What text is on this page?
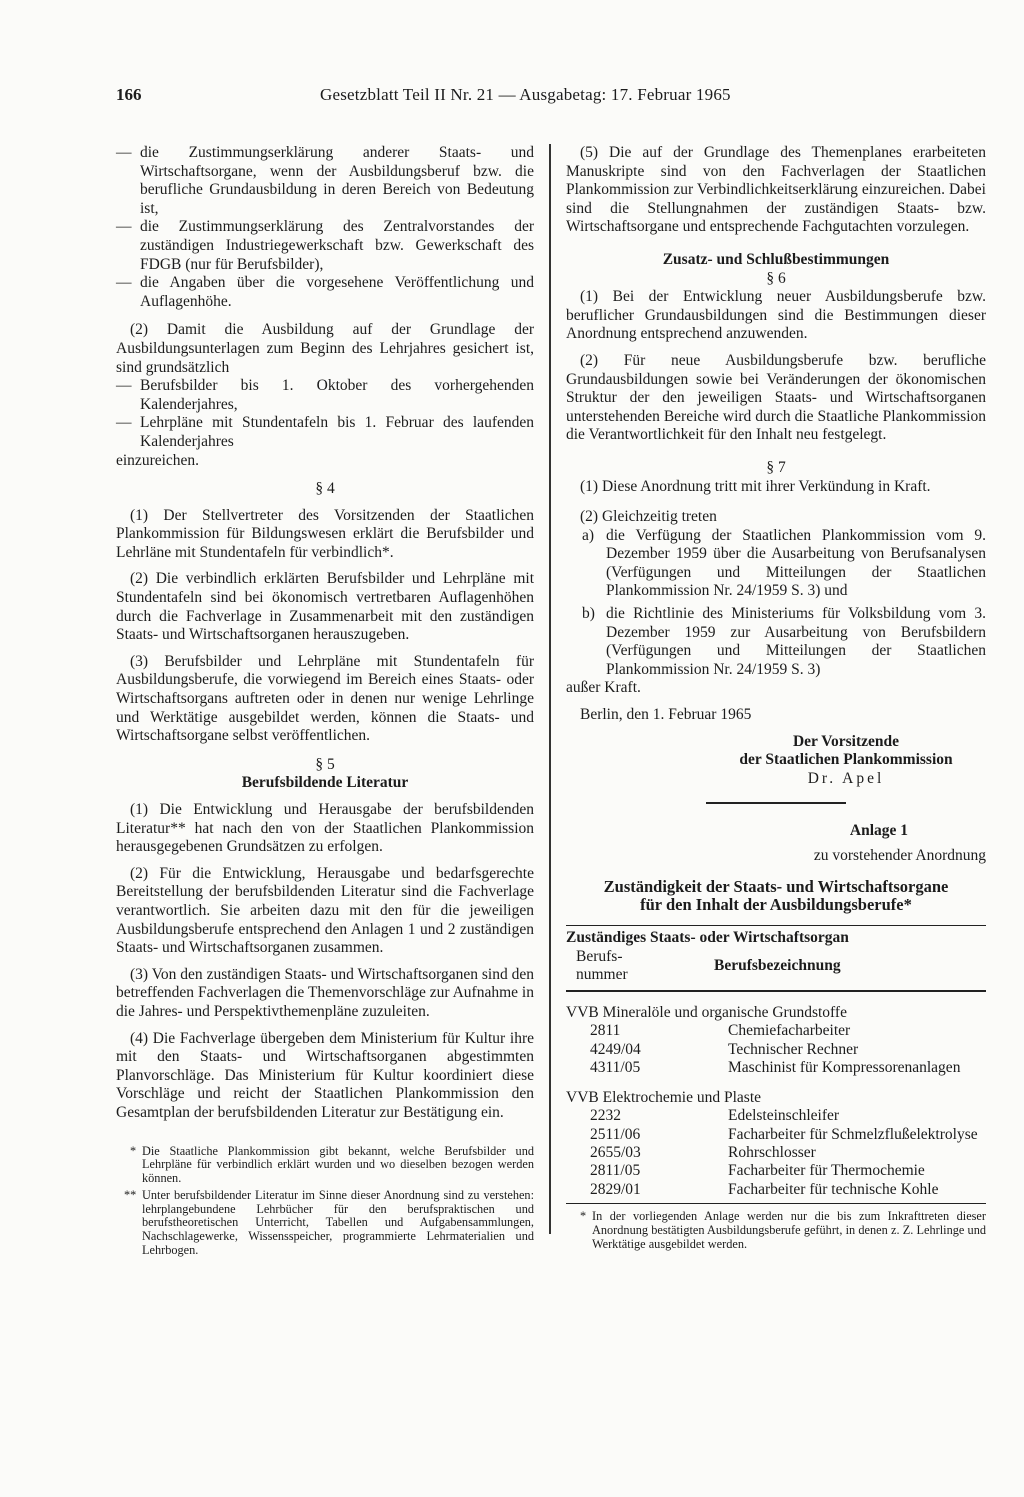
166	Gesetzblatt Teil II Nr. 21 — Ausgabetag: 17. Februar 1965
— die Zustimmungserklärung anderer Staats- und Wirtschaftsorgane, wenn der Ausbildungsberuf bzw. die berufliche Grundausbildung in deren Bereich von Bedeutung ist,
— die Zustimmungserklärung des Zentralvorstandes der zuständigen Industriegewerkschaft bzw. Gewerkschaft des FDGB (nur für Berufsbilder),
— die Angaben über die vorgesehene Veröffentlichung und Auflagenhöhe.

(2) Damit die Ausbildung auf der Grundlage der Ausbildungsunterlagen zum Beginn des Lehrjahres gesichert ist, sind grundsätzlich

— Berufsbilder bis 1. Oktober des vorhergehenden Kalenderjahres,
— Lehrpläne mit Stundentafeln bis 1. Februar des laufenden Kalenderjahres

einzureichen.

§ 4

(1) Der Stellvertreter des Vorsitzenden der Staatlichen Plankommission für Bildungswesen erklärt die Berufsbilder und Lehrläne mit Stundentafeln für verbindlich*.

(2) Die verbindlich erklärten Berufsbilder und Lehrpläne mit Stundentafeln sind bei ökonomisch vertretbaren Auflagenhöhen durch die Fachverlage in Zusammenarbeit mit den zuständigen Staats- und Wirtschaftsorganen herauszugeben.

(3) Berufsbilder und Lehrpläne mit Stundentafeln für Ausbildungsberufe, die vorwiegend im Bereich eines Staats- oder Wirtschaftsorgans auftreten oder in denen nur wenige Lehrlinge und Werktätige ausgebildet werden, können die Staats- und Wirtschaftsorgane selbst veröffentlichen.

§ 5

Berufsbildende Literatur

(1) Die Entwicklung und Herausgabe der berufsbildenden Literatur** hat nach den von der Staatlichen Plankommission herausgegebenen Grundsätzen zu erfolgen.

(2) Für die Entwicklung, Herausgabe und bedarfsgerechte Bereitstellung der berufsbildenden Literatur sind die Fachverlage verantwortlich. Sie arbeiten dazu mit den für die jeweiligen Ausbildungsberufe entsprechend den Anlagen 1 und 2 zuständigen Staats- und Wirtschaftsorganen zusammen.

(3) Von den zuständigen Staats- und Wirtschaftsorganen sind den betreffenden Fachverlagen die Themenvorschläge zur Aufnahme in die Jahres- und Perspektivthemenpläne zuzuleiten.

(4) Die Fachverlage übergeben dem Ministerium für Kultur ihre mit den Staats- und Wirtschaftsorganen abgestimmten Planvorschläge. Das Ministerium für Kultur koordiniert diese Vorschläge und reicht der Staatlichen Plankommission den Gesamtplan der berufsbildenden Literatur zur Bestätigung ein.

* Die Staatliche Plankommission gibt bekannt, welche Berufsbilder und Lehrpläne für verbindlich erklärt wurden und wo dieselben bezogen werden können.
** Unter berufsbildender Literatur im Sinne dieser Anordnung sind zu verstehen: lehrplangebundene Lehrbücher für den berufspraktischen und berufstheoretischen Unterricht, Tabellen und Aufgabensammlungen, Nachschlagewerke, Wissensspeicher, programmierte Lehrmaterialien und Lehrbogen.

(5) Die auf der Grundlage des Themenplanes erarbeiteten Manuskripte sind von den Fachverlagen der Staatlichen Plankommission zur Verbindlichkeitserklärung einzureichen. Dabei sind die Stellungnahmen der zuständigen Staats- bzw. Wirtschaftsorgane und entsprechende Fachgutachten vorzulegen.

Zusatz- und Schlußbestimmungen

§ 6

(1) Bei der Entwicklung neuer Ausbildungsberufe bzw. beruflicher Grundausbildungen sind die Bestimmungen dieser Anordnung entsprechend anzuwenden.

(2) Für neue Ausbildungsberufe bzw. berufliche Grundausbildungen sowie bei Veränderungen der ökonomischen Struktur der den jeweiligen Staats- und Wirtschaftsorganen unterstehenden Bereiche wird durch die Staatliche Plankommission die Verantwortlichkeit für den Inhalt neu festgelegt.

§ 7

(1) Diese Anordnung tritt mit ihrer Verkündung in Kraft.

(2) Gleichzeitig treten

a) die Verfügung der Staatlichen Plankommission vom 9. Dezember 1959 über die Ausarbeitung von Berufsanalysen (Verfügungen und Mitteilungen der Staatlichen Plankommission Nr. 24/1959 S. 3) und
b) die Richtlinie des Ministeriums für Volksbildung vom 3. Dezember 1959 zur Ausarbeitung von Berufsbildern (Verfügungen und Mitteilungen der Staatlichen Plankommission Nr. 24/1959 S. 3)

außer Kraft.

Berlin, den 1. Februar 1965

Der Vorsitzende

der Staatlichen Plankommission

Dr. Apel

Anlage 1

zu vorstehender Anordnung

Zuständigkeit der Staats- und Wirtschaftsorgane

für den Inhalt der Ausbildungsberufe*

Zuständiges Staats- oder Wirtschaftsorgan

Berufs-
nummer
	Berufsbezeichnung
VVB Mineralöle und organische Grundstoffe	
2811	Chemiefacharbeiter
4249/04	Technischer Rechner
4311/05	Maschinist für Kompressorenanlagen
VVB Elektrochemie und Plaste	
2232	Edelsteinschleifer
2511/06	Facharbeiter für Schmelzflußelektrolyse
2655/03	Rohrschlosser
2811/05	Facharbeiter für Thermochemie
2829/01	Facharbeiter für technische Kohle
* In der vorliegenden Anlage werden nur die bis zum Inkrafttreten dieser Anordnung bestätigten Ausbildungsberufe geführt, in denen z. Z. Lehrlinge und Werktätige ausgebildet werden.
